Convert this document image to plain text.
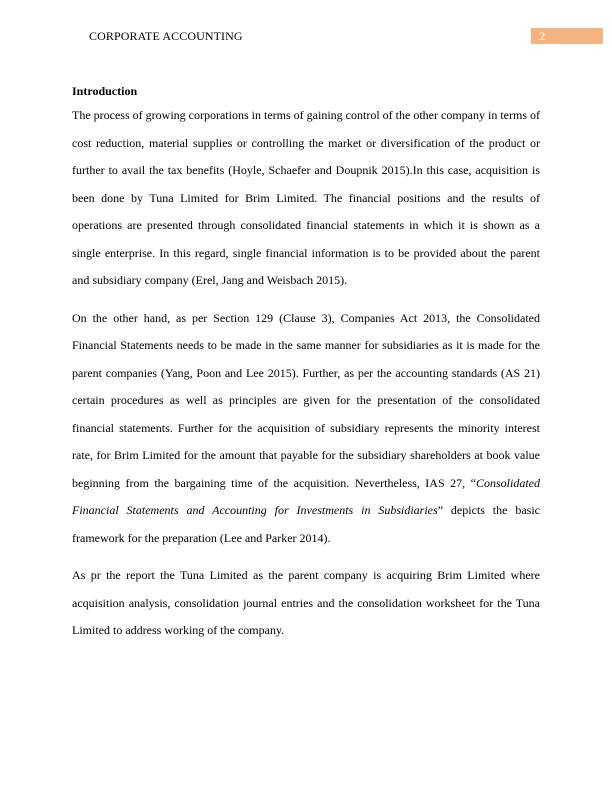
CORPORATE ACCOUNTING	2
Introduction

The process of growing corporations in terms of gaining control of the other company in terms of cost reduction, material supplies or controlling the market or diversification of the product or further to avail the tax benefits (Hoyle, Schaefer and Doupnik 2015).In this case, acquisition is been done by Tuna Limited for Brim Limited. The financial positions and the results of operations are presented through consolidated financial statements in which it is shown as a single enterprise. In this regard, single financial information is to be provided about the parent and subsidiary company (Erel, Jang and Weisbach 2015).

On the other hand, as per Section 129 (Clause 3), Companies Act 2013, the Consolidated Financial Statements needs to be made in the same manner for subsidiaries as it is made for the parent companies (Yang, Poon and Lee 2015). Further, as per the accounting standards (AS 21) certain procedures as well as principles are given for the presentation of the consolidated financial statements. Further for the acquisition of subsidiary represents the minority interest rate, for Brim Limited for the amount that payable for the subsidiary shareholders at book value beginning from the bargaining time of the acquisition. Nevertheless, IAS 27, “Consolidated Financial Statements and Accounting for Investments in Subsidiaries” depicts the basic framework for the preparation (Lee and Parker 2014).

As pr the report the Tuna Limited as the parent company is acquiring Brim Limited where acquisition analysis, consolidation journal entries and the consolidation worksheet for the Tuna Limited to address working of the company.
